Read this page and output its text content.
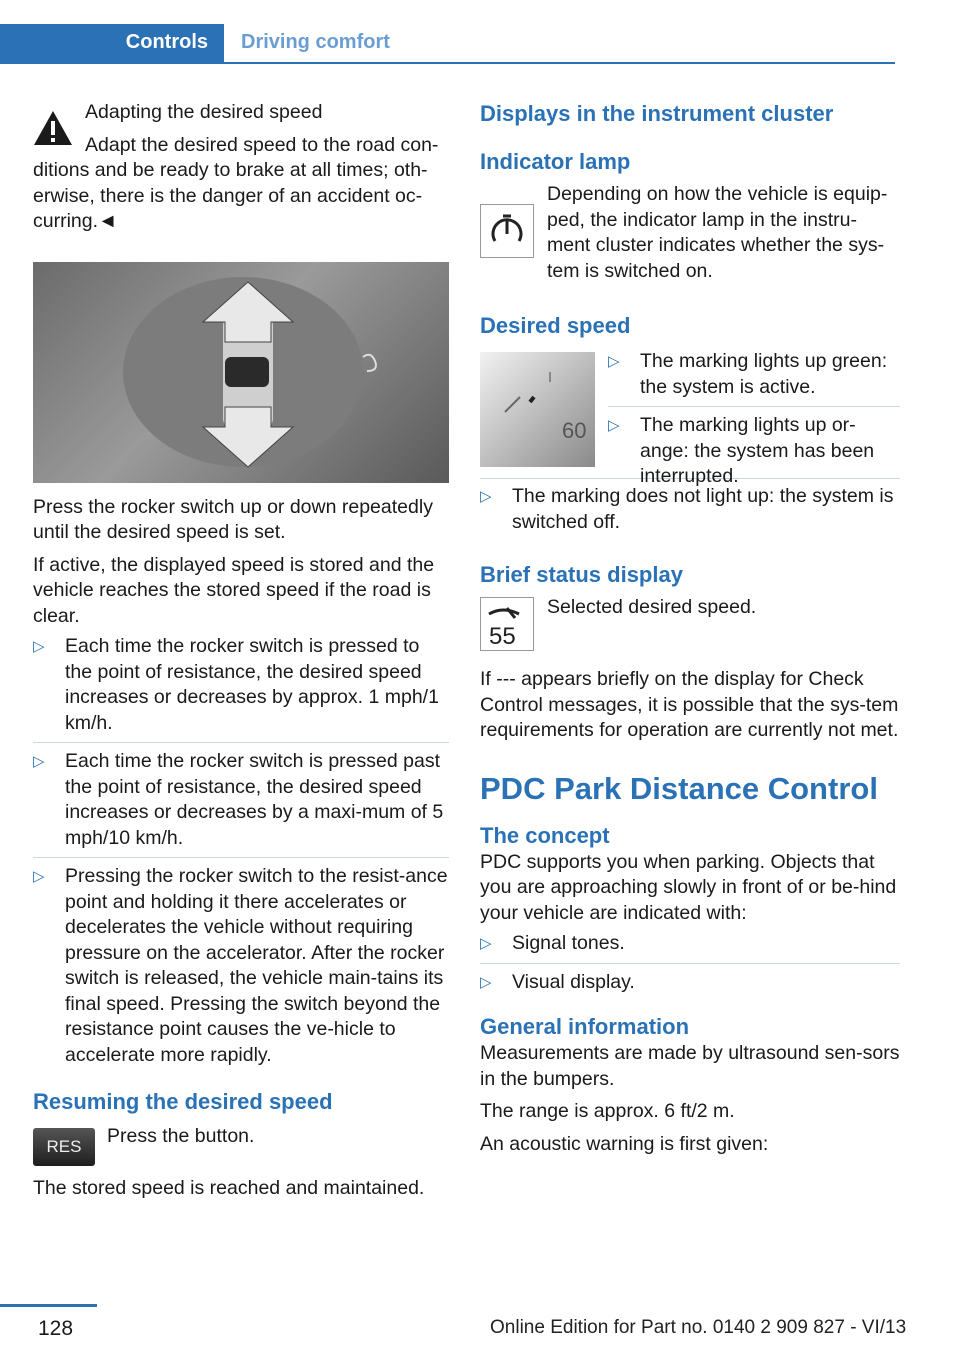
Controls	Driving comfort

Adapting the desired speed

Adapt the desired speed to the road con-

ditions and be ready to brake at all times; oth-erwise, there is the danger of an accident oc-curring.◄

Press the rocker switch up or down repeatedly until the desired speed is set.

If active, the displayed speed is stored and the vehicle reaches the stored speed if the road is clear.

▷ Each time the rocker switch is pressed to the point of resistance, the desired speed increases or decreases by approx. 1 mph/1 km/h.
▷ Each time the rocker switch is pressed past the point of resistance, the desired speed increases or decreases by a maxi-mum of 5 mph/10 km/h.
▷ Pressing the rocker switch to the resist-ance point and holding it there accelerates or decelerates the vehicle without requiring pressure on the accelerator. After the rocker switch is released, the vehicle main-tains its final speed. Pressing the switch beyond the resistance point causes the ve-hicle to accelerate more rapidly.

Resuming the desired speed

RES	Press the button.

The stored speed is reached and maintained.

Displays in the instrument cluster

Indicator lamp

Depending on how the vehicle is equip-ped, the indicator lamp in the instru-ment cluster indicates whether the sys-tem is switched on.

Desired speed

60
▷ The marking lights up green: the system is active.
▷ The marking lights up or-ange: the system has been interrupted.
▷ The marking does not light up: the system is switched off.

Brief status display

55

Selected desired speed.

If --- appears briefly on the display for Check Control messages, it is possible that the sys-tem requirements for operation are currently not met.

PDC Park Distance Control

The concept

PDC supports you when parking. Objects that you are approaching slowly in front of or be-hind your vehicle are indicated with:

▷ Signal tones.
▷ Visual display.

General information

Measurements are made by ultrasound sen-sors in the bumpers.

The range is approx. 6 ft/2 m.

An acoustic warning is first given:

128	Online Edition for Part no. 0140 2 909 827 - VI/13
